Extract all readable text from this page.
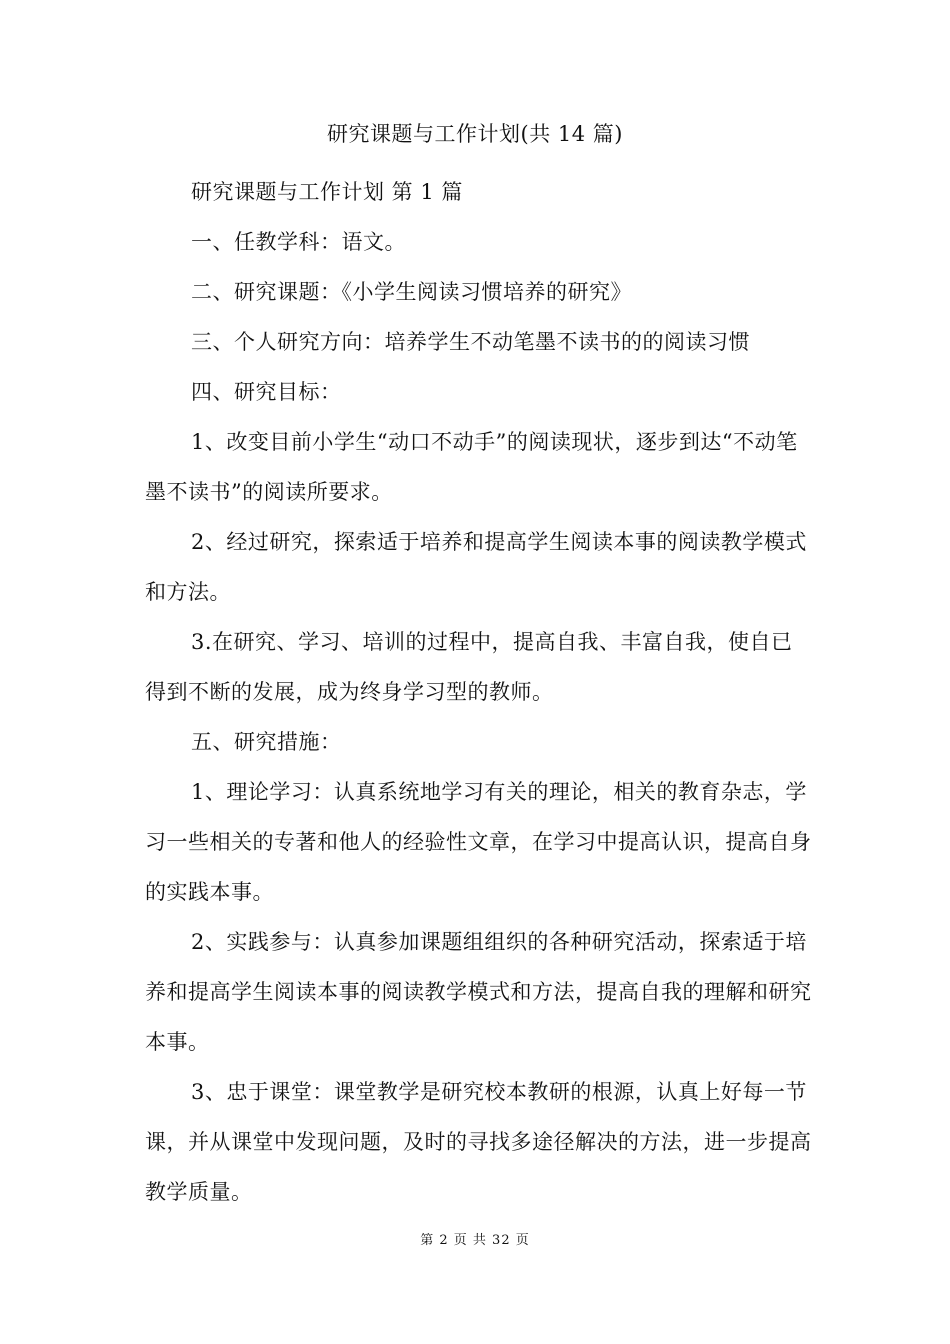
研究课题与工作计划(共 14 篇)

研究课题与工作计划 第 1 篇

一、任教学科：语文。

二、研究课题：《小学生阅读习惯培养的研究》

三、个人研究方向：培养学生不动笔墨不读书的的阅读习惯

四、研究目标：

1、改变目前小学生“动口不动手”的阅读现状，逐步到达“不动笔墨不读书”的阅读所要求。

2、经过研究，探索适于培养和提高学生阅读本事的阅读教学模式和方法。

3.在研究、学习、培训的过程中，提高自我、丰富自我，使自已得到不断的发展，成为终身学习型的教师。

五、研究措施：

1、理论学习：认真系统地学习有关的理论，相关的教育杂志，学习一些相关的专著和他人的经验性文章，在学习中提高认识，提高自身的实践本事。

2、实践参与：认真参加课题组组织的各种研究活动，探索适于培养和提高学生阅读本事的阅读教学模式和方法，提高自我的理解和研究本事。

3、忠于课堂：课堂教学是研究校本教研的根源，认真上好每一节课，并从课堂中发现问题，及时的寻找多途径解决的方法，进一步提高教学质量。

第 2 页 共 32 页
